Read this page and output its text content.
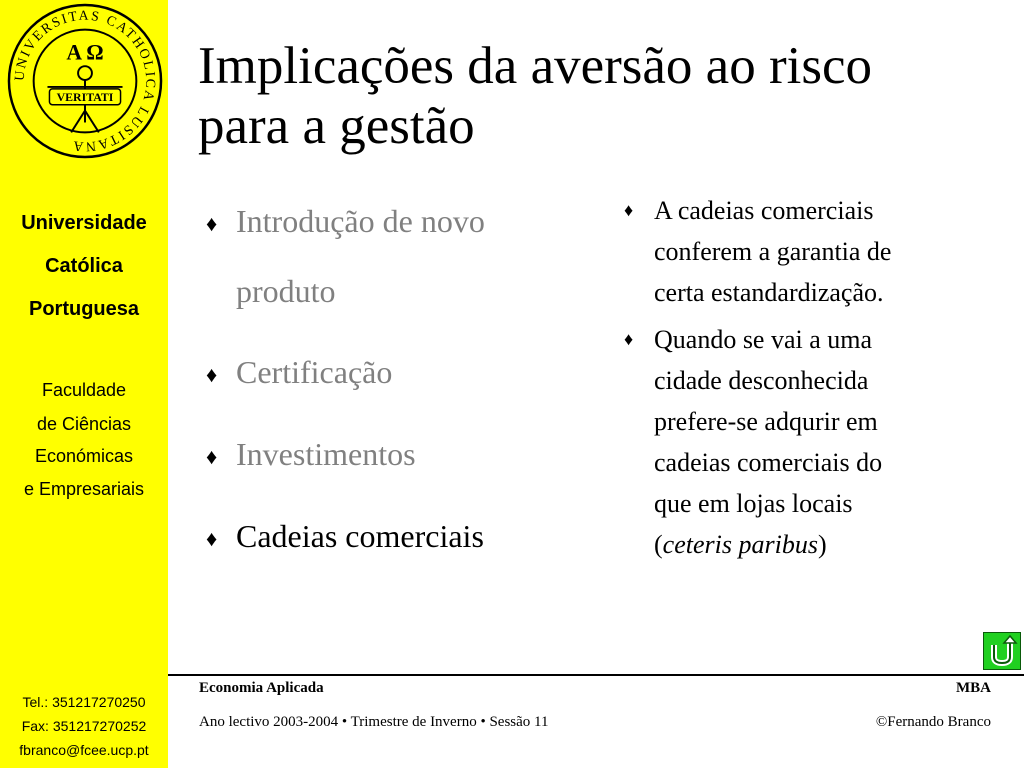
UNIVERSITAS CATHOLICA LUSITANA
VERITATI
A Ω
Universidade
Católica
Portuguesa
Faculdade
de Ciências
Económicas
e Empresariais
Tel.: 351217270250
Fax: 351217270252
fbranco@fcee.ucp.pt
Implicações da aversão ao risco
para a gestão
♦ Introdução de novo
produto
♦ Certificação
♦ Investimentos
♦ Cadeias comerciais
♦ A cadeias comerciais
conferem a garantia de
certa estandardização.
♦ Quando se vai a uma
cidade desconhecida
prefere-se adqurir em
cadeias comerciais do
que em lojas locais
(ceteris paribus)
Economia Aplicada	MBA
Ano lectivo 2003-2004 • Trimestre de Inverno • Sessão 11	©Fernando Branco
